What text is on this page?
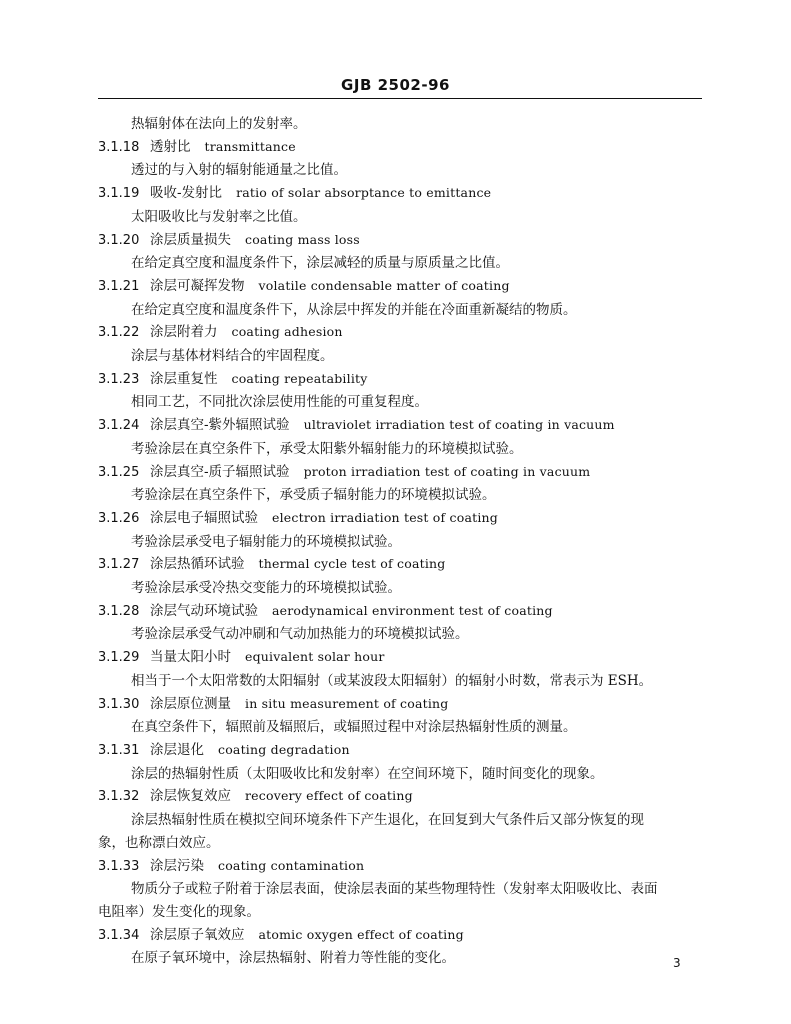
GJB 2502-96

热辐射体在法向上的发射率。

3.1.18 透射比 transmittance

透过的与入射的辐射能通量之比值。

3.1.19 吸收-发射比 ratio of solar absorptance to emittance

太阳吸收比与发射率之比值。

3.1.20 涂层质量损失 coating mass loss

在给定真空度和温度条件下，涂层减轻的质量与原质量之比值。

3.1.21 涂层可凝挥发物 volatile condensable matter of coating

在给定真空度和温度条件下，从涂层中挥发的并能在冷面重新凝结的物质。

3.1.22 涂层附着力 coating adhesion

涂层与基体材料结合的牢固程度。

3.1.23 涂层重复性 coating repeatability

相同工艺，不同批次涂层使用性能的可重复程度。

3.1.24 涂层真空-紫外辐照试验 ultraviolet irradiation test of coating in vacuum

考验涂层在真空条件下，承受太阳紫外辐射能力的环境模拟试验。

3.1.25 涂层真空-质子辐照试验 proton irradiation test of coating in vacuum

考验涂层在真空条件下，承受质子辐射能力的环境模拟试验。

3.1.26 涂层电子辐照试验 electron irradiation test of coating

考验涂层承受电子辐射能力的环境模拟试验。

3.1.27 涂层热循环试验 thermal cycle test of coating

考验涂层承受冷热交变能力的环境模拟试验。

3.1.28 涂层气动环境试验 aerodynamical environment test of coating

考验涂层承受气动冲刷和气动加热能力的环境模拟试验。

3.1.29 当量太阳小时 equivalent solar hour

相当于一个太阳常数的太阳辐射（或某波段太阳辐射）的辐射小时数，常表示为 ESH。

3.1.30 涂层原位测量 in situ measurement of coating

在真空条件下，辐照前及辐照后，或辐照过程中对涂层热辐射性质的测量。

3.1.31 涂层退化 coating degradation

涂层的热辐射性质（太阳吸收比和发射率）在空间环境下，随时间变化的现象。

3.1.32 涂层恢复效应 recovery effect of coating

涂层热辐射性质在模拟空间环境条件下产生退化，在回复到大气条件后又部分恢复的现

象，也称漂白效应。

3.1.33 涂层污染 coating contamination

物质分子或粒子附着于涂层表面，使涂层表面的某些物理特性（发射率太阳吸收比、表面

电阻率）发生变化的现象。

3.1.34 涂层原子氧效应 atomic oxygen effect of coating

在原子氧环境中，涂层热辐射、附着力等性能的变化。	3
